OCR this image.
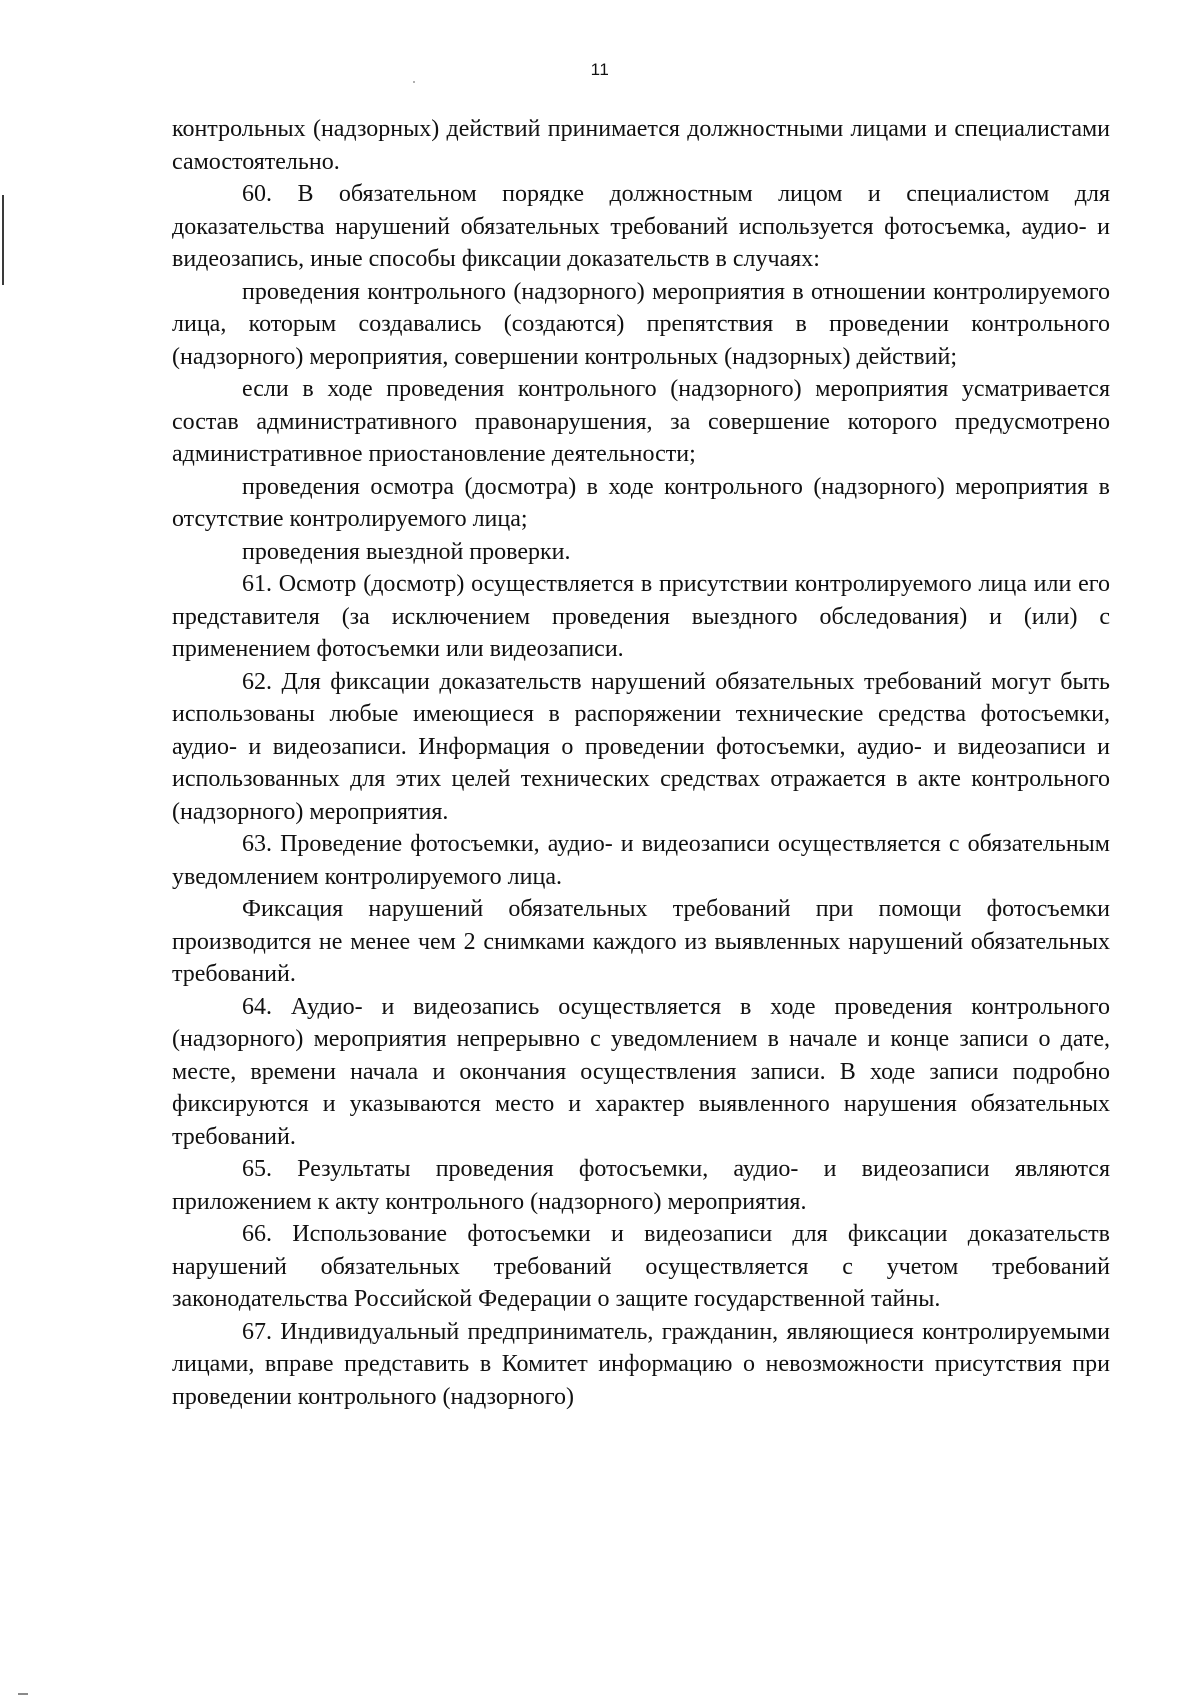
11

контрольных (надзорных) действий принимается должностными лицами и специалистами самостоятельно.

60. В обязательном порядке должностным лицом и специалистом для доказательства нарушений обязательных требований используется фотосъемка, аудио- и видеозапись, иные способы фиксации доказательств в случаях:

проведения контрольного (надзорного) мероприятия в отношении контролируемого лица, которым создавались (создаются) препятствия в проведении контрольного (надзорного) мероприятия, совершении контрольных (надзорных) действий;

если в ходе проведения контрольного (надзорного) мероприятия усматривается состав административного правонарушения, за совершение которого предусмотрено административное приостановление деятельности;

проведения осмотра (досмотра) в ходе контрольного (надзорного) мероприятия в отсутствие контролируемого лица;

проведения выездной проверки.

61. Осмотр (досмотр) осуществляется в присутствии контролируемого лица или его представителя (за исключением проведения выездного обследования) и (или) с применением фотосъемки или видеозаписи.

62. Для фиксации доказательств нарушений обязательных требований могут быть использованы любые имеющиеся в распоряжении технические средства фотосъемки, аудио- и видеозаписи. Информация о проведении фотосъемки, аудио- и видеозаписи и использованных для этих целей технических средствах отражается в акте контрольного (надзорного) мероприятия.

63. Проведение фотосъемки, аудио- и видеозаписи осуществляется с обязательным уведомлением контролируемого лица.

Фиксация нарушений обязательных требований при помощи фотосъемки производится не менее чем 2 снимками каждого из выявленных нарушений обязательных требований.

64. Аудио- и видеозапись осуществляется в ходе проведения контрольного (надзорного) мероприятия непрерывно с уведомлением в начале и конце записи о дате, месте, времени начала и окончания осуществления записи. В ходе записи подробно фиксируются и указываются место и характер выявленного нарушения обязательных требований.

65. Результаты проведения фотосъемки, аудио- и видеозаписи являются приложением к акту контрольного (надзорного) мероприятия.

66. Использование фотосъемки и видеозаписи для фиксации доказательств нарушений обязательных требований осуществляется с учетом требований законодательства Российской Федерации о защите государственной тайны.

67. Индивидуальный предприниматель, гражданин, являющиеся контролируемыми лицами, вправе представить в Комитет информацию о невозможности присутствия при проведении контрольного (надзорного)
